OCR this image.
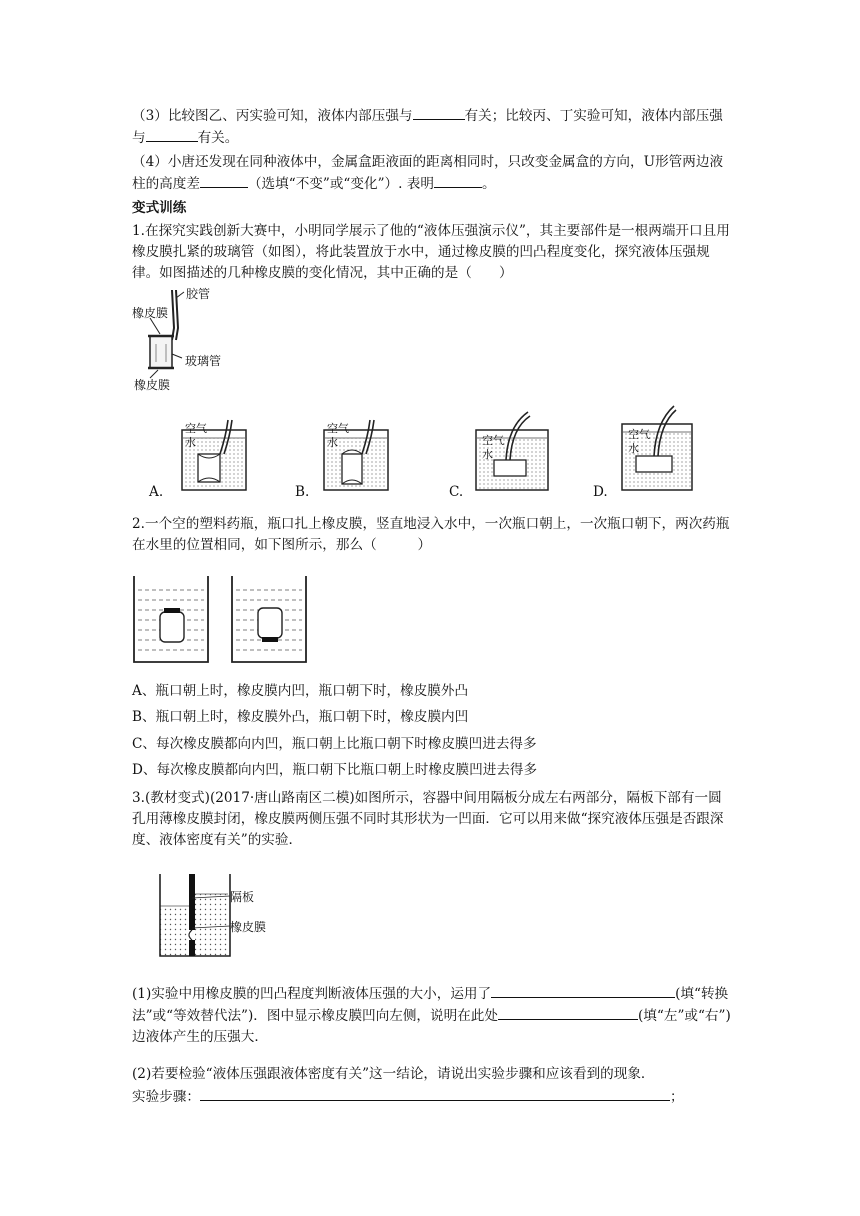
（3）比较图乙、丙实验可知，液体内部压强与	有关；比较丙、丁实验可知，液体内部压强与	有关。

（4）小唐还发现在同种液体中，金属盒距液面的距离相同时，只改变金属盒的方向，U形管两边液柱的高度差	（选填“不变”或“变化”）. 表明	。

变式训练

1.在探究实践创新大赛中，小明同学展示了他的“液体压强演示仪”，其主要部件是一根两端开口且用橡皮膜扎紧的玻璃管（如图），将此装置放于水中，通过橡皮膜的凹凸程度变化，探究液体压强规律。如图描述的几种橡皮膜的变化情况，其中正确的是（　　）

胶管
橡皮膜
玻璃管
橡皮膜
空气
水
空气
水	空气
水
空气
水
A.	B.	C.	D.

2.一个空的塑料药瓶，瓶口扎上橡皮膜，竖直地浸入水中，一次瓶口朝上，一次瓶口朝下，两次药瓶在水里的位置相同，如下图所示，那么（　　　）

A、瓶口朝上时，橡皮膜内凹，瓶口朝下时，橡皮膜外凸
B、瓶口朝上时，橡皮膜外凸，瓶口朝下时，橡皮膜内凹
C、每次橡皮膜都向内凹，瓶口朝上比瓶口朝下时橡皮膜凹进去得多
D、每次橡皮膜都向内凹，瓶口朝下比瓶口朝上时橡皮膜凹进去得多

3.(教材变式)(2017·唐山路南区二模)如图所示，容器中间用隔板分成左右两部分，隔板下部有一圆孔用薄橡皮膜封闭，橡皮膜两侧压强不同时其形状为一凹面．它可以用来做“探究液体压强是否跟深度、液体密度有关”的实验．

隔板
橡皮膜

(1)实验中用橡皮膜的凹凸程度判断液体压强的大小，运用了	(填“转换法”或“等效替代法”)．图中显示橡皮膜凹向左侧，说明在此处	(填“左”或“右”)边液体产生的压强大．

(2)若要检验“液体压强跟液体密度有关”这一结论，请说出实验步骤和应该看到的现象．

实验步骤：	；
